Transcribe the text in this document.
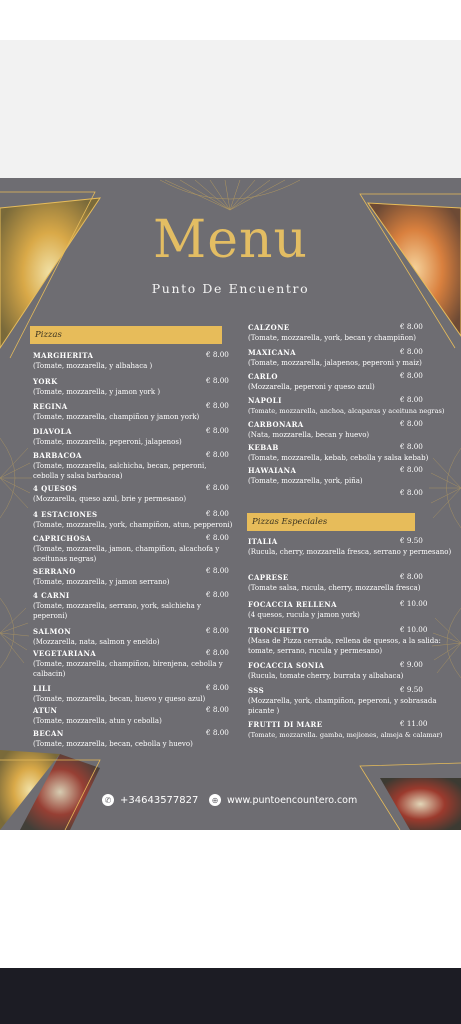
Menu
Punto De Encuentro
Pizzas
Pizzas Especiales
MARGHERITA
(Tomate, mozzarella, y albahaca )
€ 8.00
YORK
(Tomate, mozzarella, y jamon york )
€ 8.00
REGINA
(Tomate, mozzarella, champiñon y jamon york)
€ 8.00
DIAVOLA
(Tomate, mozzarella, peperoni, jalapenos)
€ 8.00
BARBACOA
(Tomate, mozzarella, salchicha, becan, peperoni, cebolla y salsa barbacoa)
€ 8.00
4 QUESOS
(Mozzarella, queso azul, brie y permesano)
€ 8.00
4 ESTACIONES
(Tomate, mozzarella, york, champiñon, atun, pepperoni)
€ 8.00
CAPRICHOSA
(Tomate, mozzarella, jamon, champiñon, alcachofa y aceitunas negras)
€ 8.00
SERRANO
(Tomate, mozzarella, y jamon serrano)
€ 8.00
4 CARNI
(Tomate, mozzarella, serrano, york, salchieha y peperoni)
€ 8.00
SALMON
(Mozzarella, nata, salmon y eneldo)
€ 8.00
VEGETARIANA
(Tomate, mozzarella, champiñon, birenjena, cebolla y calbacin)
€ 8.00
LILI
(Tomate, mozzarella, becan, huevo y queso azul)
€ 8.00
ATUN
(Tomate, mozzarella, atun y cebolla)
€ 8.00
BECAN
(Tomate, mozzarella, becan, cebolla y huevo)
€ 8.00
CALZONE
(Tomate, mozzarella, york, becan y champiñon)
€ 8.00
MAXICANA
(Tomate, mozzarella, jalapenos, peperoni y maiz)
€ 8.00
CARLO
(Mozzarella, peperoni y queso azul)
€ 8.00
NAPOLI
(Tomate, mozzarella, anchoa, alcaparas y aceituna negras)
€ 8.00
CARBONARA
(Nata, mozzarella, becan y huevo)
€ 8.00
KEBAB
(Tomate, mozzarella, kebab, cebolla y salsa kebab)
€ 8.00
HAWAIANA
(Tomate, mozzarella, york, piña)
€ 8.00
€ 8.00
ITALIA
(Rucula, cherry, mozzarella fresca, serrano y permesano)
€ 9.50
CAPRESE
(Tomate salsa, rucula, cherry, mozzarella fresca)
€ 8.00
FOCACCIA RELLENA
(4 quesos, rucula y jamon york)
€ 10.00
TRONCHETTO
(Masa de Pizza cerrada, rellena de quesos, a la salida: tomate, serrano, rucula y permesano)
€ 10.00
FOCACCIA SONIA
(Rucula, tomate cherry, burrata y albahaca)
€ 9.00
SSS
(Mozzarella, york, champiñon, peperoni, y sobrasada picante )
€ 9.50
FRUTTI DI MARE
(Tomate, mozzarella. gamba, mejiones, almeja & calamar)
€ 11.00
✆ +34643577827	⊕ www.puntoencountero.com
